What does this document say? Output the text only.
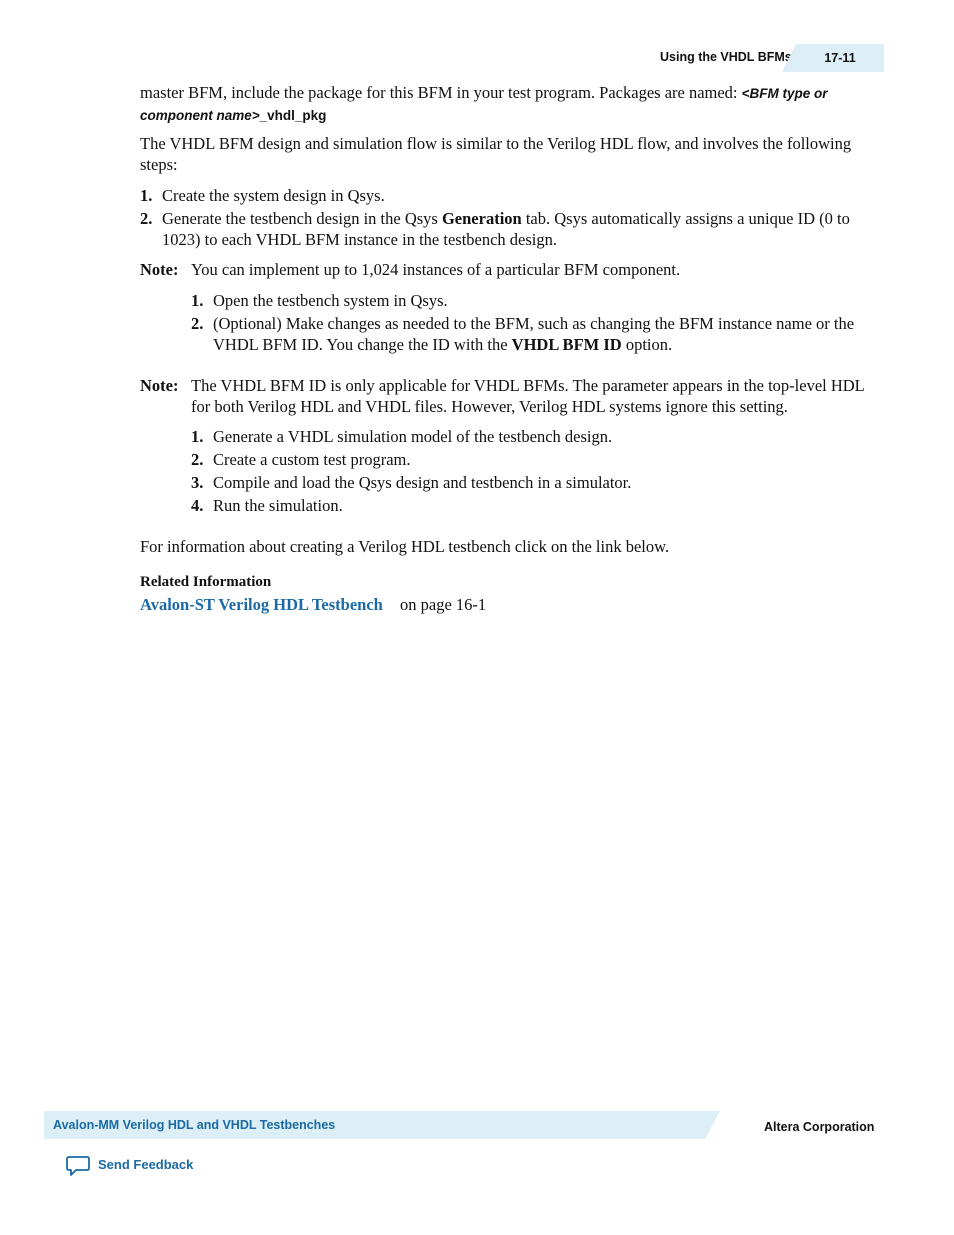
Using the VHDL BFMs	17-11
master BFM, include the package for this BFM in your test program. Packages are named: <BFM type or
component name>_vhdl_pkg
The VHDL BFM design and simulation flow is similar to the Verilog HDL flow, and involves the following steps:
1. Create the system design in Qsys.
2. Generate the testbench design in the Qsys Generation tab. Qsys automatically assigns a unique ID (0 to 1023) to each VHDL BFM instance in the testbench design.
Note: You can implement up to 1,024 instances of a particular BFM component.
1. Open the testbench system in Qsys.
2. (Optional) Make changes as needed to the BFM, such as changing the BFM instance name or the VHDL BFM ID. You change the ID with the VHDL BFM ID option.
Note: The VHDL BFM ID is only applicable for VHDL BFMs. The parameter appears in the top-level HDL for both Verilog HDL and VHDL files. However, Verilog HDL systems ignore this setting.
1. Generate a VHDL simulation model of the testbench design.
2. Create a custom test program.
3. Compile and load the Qsys design and testbench in a simulator.
4. Run the simulation.
For information about creating a Verilog HDL testbench click on the link below.
Related Information
Avalon-ST Verilog HDL Testbench on page 16-1
Avalon-MM Verilog HDL and VHDL Testbenches	Altera Corporation
Send Feedback
